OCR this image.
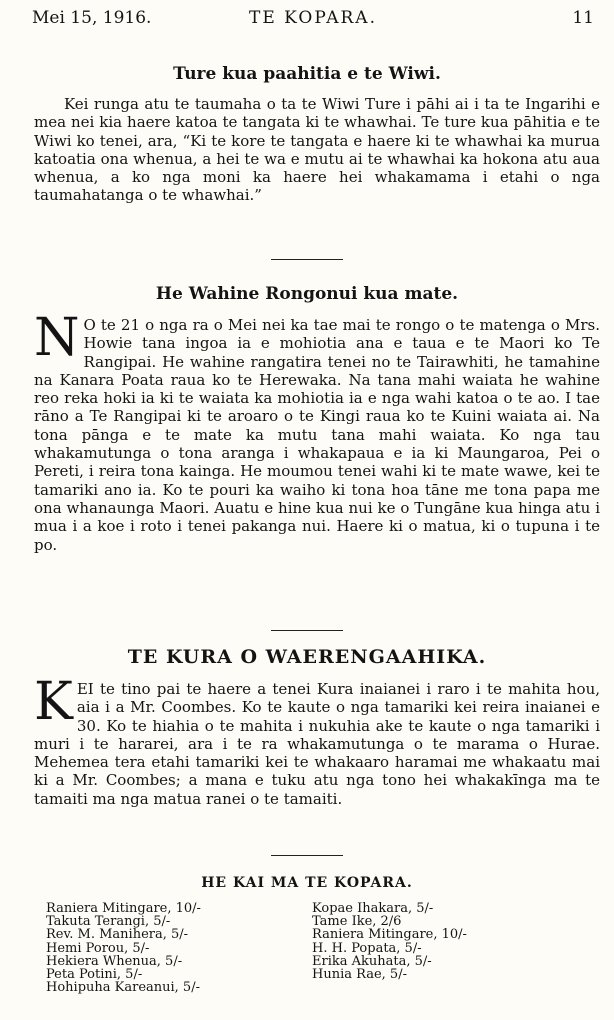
Mei 15, 1916.	TE KOPARA.	11
Ture kua paahitia e te Wiwi.

Kei runga atu te taumaha o ta te Wiwi Ture i pāhi ai i ta te Ingarihi e mea nei kia haere katoa te tangata ki te whawhai. Te ture kua pāhitia e te Wiwi ko tenei, ara, “Ki te kore te tangata e haere ki te whawhai ka murua katoatia ona whenua, a hei te wa e mutu ai te whawhai ka hokona atu aua whenua, a ko nga moni ka haere hei whakamama i etahi o nga taumahatanga o te whawhai.”

He Wahine Rongonui kua mate.

N O te 21 o nga ra o Mei nei ka tae mai te rongo o te matenga o Mrs. Howie tana ingoa ia e mohiotia ana e taua e te Maori ko Te Rangipai. He wahine rangatira tenei no te Tairawhiti, he tamahine na Kanara Poata raua ko te Herewaka. Na tana mahi waiata he wahine reo reka hoki ia ki te waiata ka mohiotia ia e nga wahi katoa o te ao. I tae rāno a Te Rangipai ki te aroaro o te Kingi raua ko te Kuini waiata ai. Na tona pānga e te mate ka mutu tana mahi waiata. Ko nga tau whakamutunga o tona aranga i whakapaua e ia ki Maungaroa, Pei o Pereti, i reira tona kainga. He moumou tenei wahi ki te mate wawe, kei te tamariki ano ia. Ko te pouri ka waiho ki tona hoa tāne me tona papa me ona whanaunga Maori. Auatu e hine kua nui ke o Tungāne kua hinga atu i mua i a koe i roto i tenei pakanga nui. Haere ki o matua, ki o tupuna i te po.

TE KURA O WAERENGAAHIKA.

KEI te tino pai te haere a tenei Kura inaianei i raro i te mahita hou, aia i a Mr. Coombes. Ko te kaute o nga tamariki kei reira inaianei e 30. Ko te hiahia o te mahita i nukuhia ake te kaute o nga tamariki i muri i te hararei, ara i te ra whakamutunga o te marama o Hurae. Mehemea tera etahi tamariki kei te whakaaro haramai me whakaatu mai ki a Mr. Coombes; a mana e tuku atu nga tono hei whakakīnga ma te tamaiti ma nga matua ranei o te tamaiti.

HE KAI MA TE KOPARA.
Raniera Mitingare, 10/-
Takuta Terangi, 5/-
Rev. M. Manihera, 5/-
Hemi Porou, 5/-
Hekiera Whenua, 5/-
Peta Potini, 5/-
Hohipuha Kareanui, 5/-
Kopae Ihakara, 5/-
Tame Ike, 2/6
Raniera Mitingare, 10/-
H. H. Popata, 5/-
Erika Akuhata, 5/-
Hunia Rae, 5/-
